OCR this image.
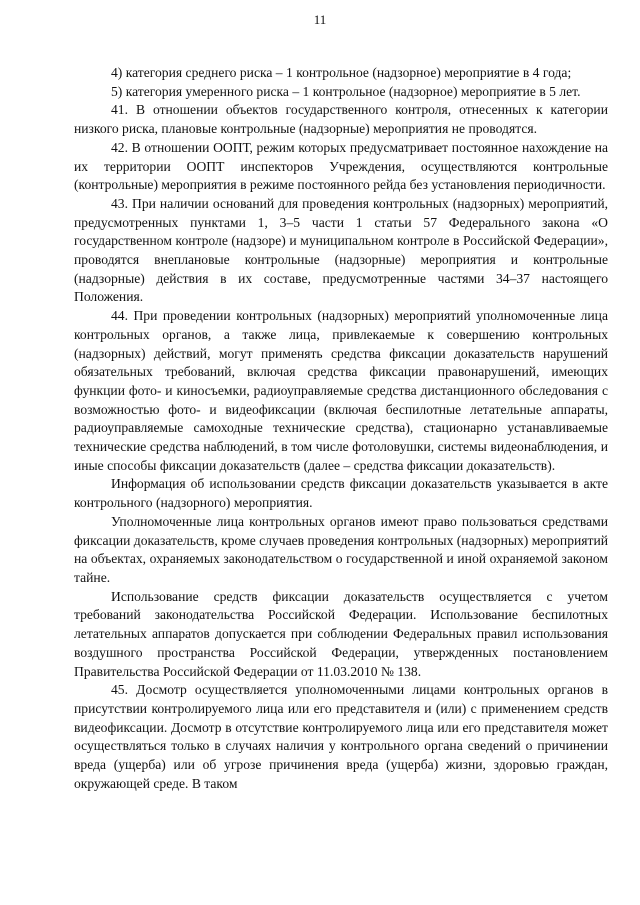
11

4) категория среднего риска – 1 контрольное (надзорное) мероприятие в 4 года;

5) категория умеренного риска – 1 контрольное (надзорное) мероприятие в 5 лет.

41. В отношении объектов государственного контроля, отнесенных к категории низкого риска, плановые контрольные (надзорные) мероприятия не проводятся.

42. В отношении ООПТ, режим которых предусматривает постоянное нахождение на их территории ООПТ инспекторов Учреждения, осуществляются контрольные (контрольные) мероприятия в режиме постоянного рейда без установления периодичности.

43. При наличии оснований для проведения контрольных (надзорных) мероприятий, предусмотренных пунктами 1, 3–5 части 1 статьи 57 Федерального закона «О государственном контроле (надзоре) и муниципальном контроле в Российской Федерации», проводятся внеплановые контрольные (надзорные) мероприятия и контрольные (надзорные) действия в их составе, предусмотренные частями 34–37 настоящего Положения.

44. При проведении контрольных (надзорных) мероприятий уполномоченные лица контрольных органов, а также лица, привлекаемые к совершению контрольных (надзорных) действий, могут применять средства фиксации доказательств нарушений обязательных требований, включая средства фиксации правонарушений, имеющих функции фото- и киносъемки, радиоуправляемые средства дистанционного обследования с возможностью фото- и видеофиксации (включая беспилотные летательные аппараты, радиоуправляемые самоходные технические средства), стационарно устанавливаемые технические средства наблюдений, в том числе фотоловушки, системы видеонаблюдения, и иные способы фиксации доказательств (далее – средства фиксации доказательств).

Информация об использовании средств фиксации доказательств указывается в акте контрольного (надзорного) мероприятия.

Уполномоченные лица контрольных органов имеют право пользоваться средствами фиксации доказательств, кроме случаев проведения контрольных (надзорных) мероприятий на объектах, охраняемых законодательством о государственной и иной охраняемой законом тайне.

Использование средств фиксации доказательств осуществляется с учетом требований законодательства Российской Федерации. Использование беспилотных летательных аппаратов допускается при соблюдении Федеральных правил использования воздушного пространства Российской Федерации, утвержденных постановлением Правительства Российской Федерации от 11.03.2010 № 138.

45. Досмотр осуществляется уполномоченными лицами контрольных органов в присутствии контролируемого лица или его представителя и (или) с применением средств видеофиксации. Досмотр в отсутствие контролируемого лица или его представителя может осуществляться только в случаях наличия у контрольного органа сведений о причинении вреда (ущерба) или об угрозе причинения вреда (ущерба) жизни, здоровью граждан, окружающей среде. В таком
